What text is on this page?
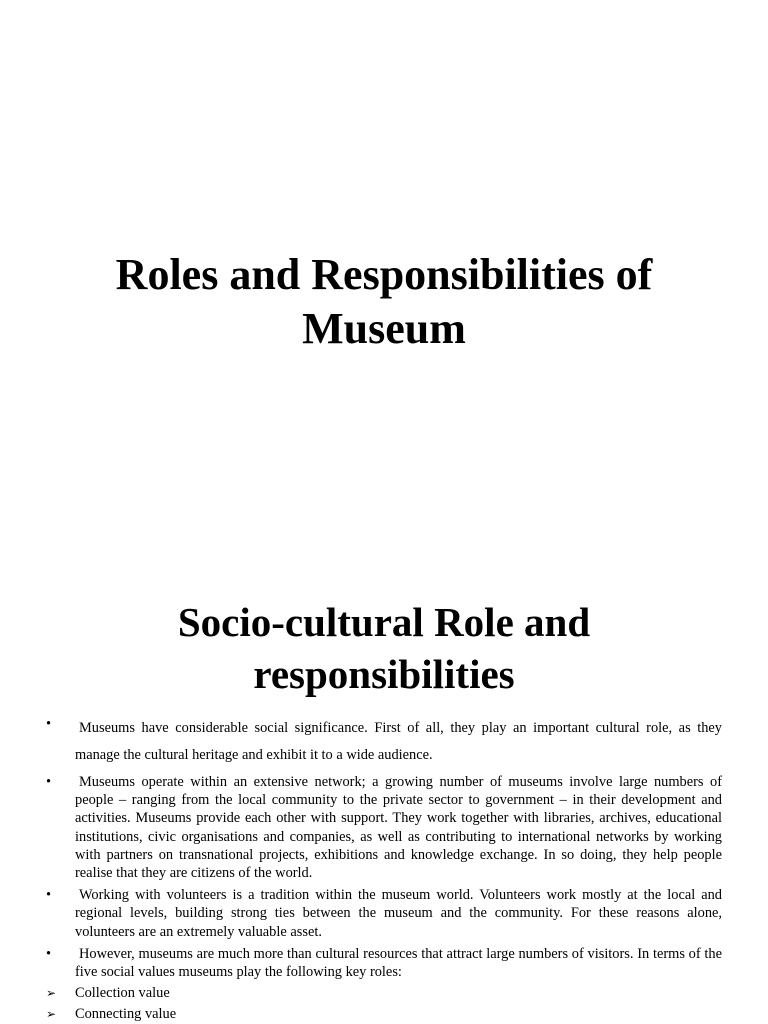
Roles and Responsibilities of Museum
Socio-cultural Role and responsibilities
•	Museums have considerable social significance. First of all, they play an important cultural role, as they manage the cultural heritage and exhibit it to a wide audience.
•	Museums operate within an extensive network; a growing number of museums involve large numbers of people – ranging from the local community to the private sector to government – in their development and activities. Museums provide each other with support. They work together with libraries, archives, educational institutions, civic organisations and companies, as well as contributing to international networks by working with partners on transnational projects, exhibitions and knowledge exchange. In so doing, they help people realise that they are citizens of the world.
•	Working with volunteers is a tradition within the museum world. Volunteers work mostly at the local and regional levels, building strong ties between the museum and the community. For these reasons alone, volunteers are an extremely valuable asset.
•	However, museums are much more than cultural resources that attract large numbers of visitors. In terms of the five social values museums play the following key roles:
➢	Collection value
➢	Connecting value
